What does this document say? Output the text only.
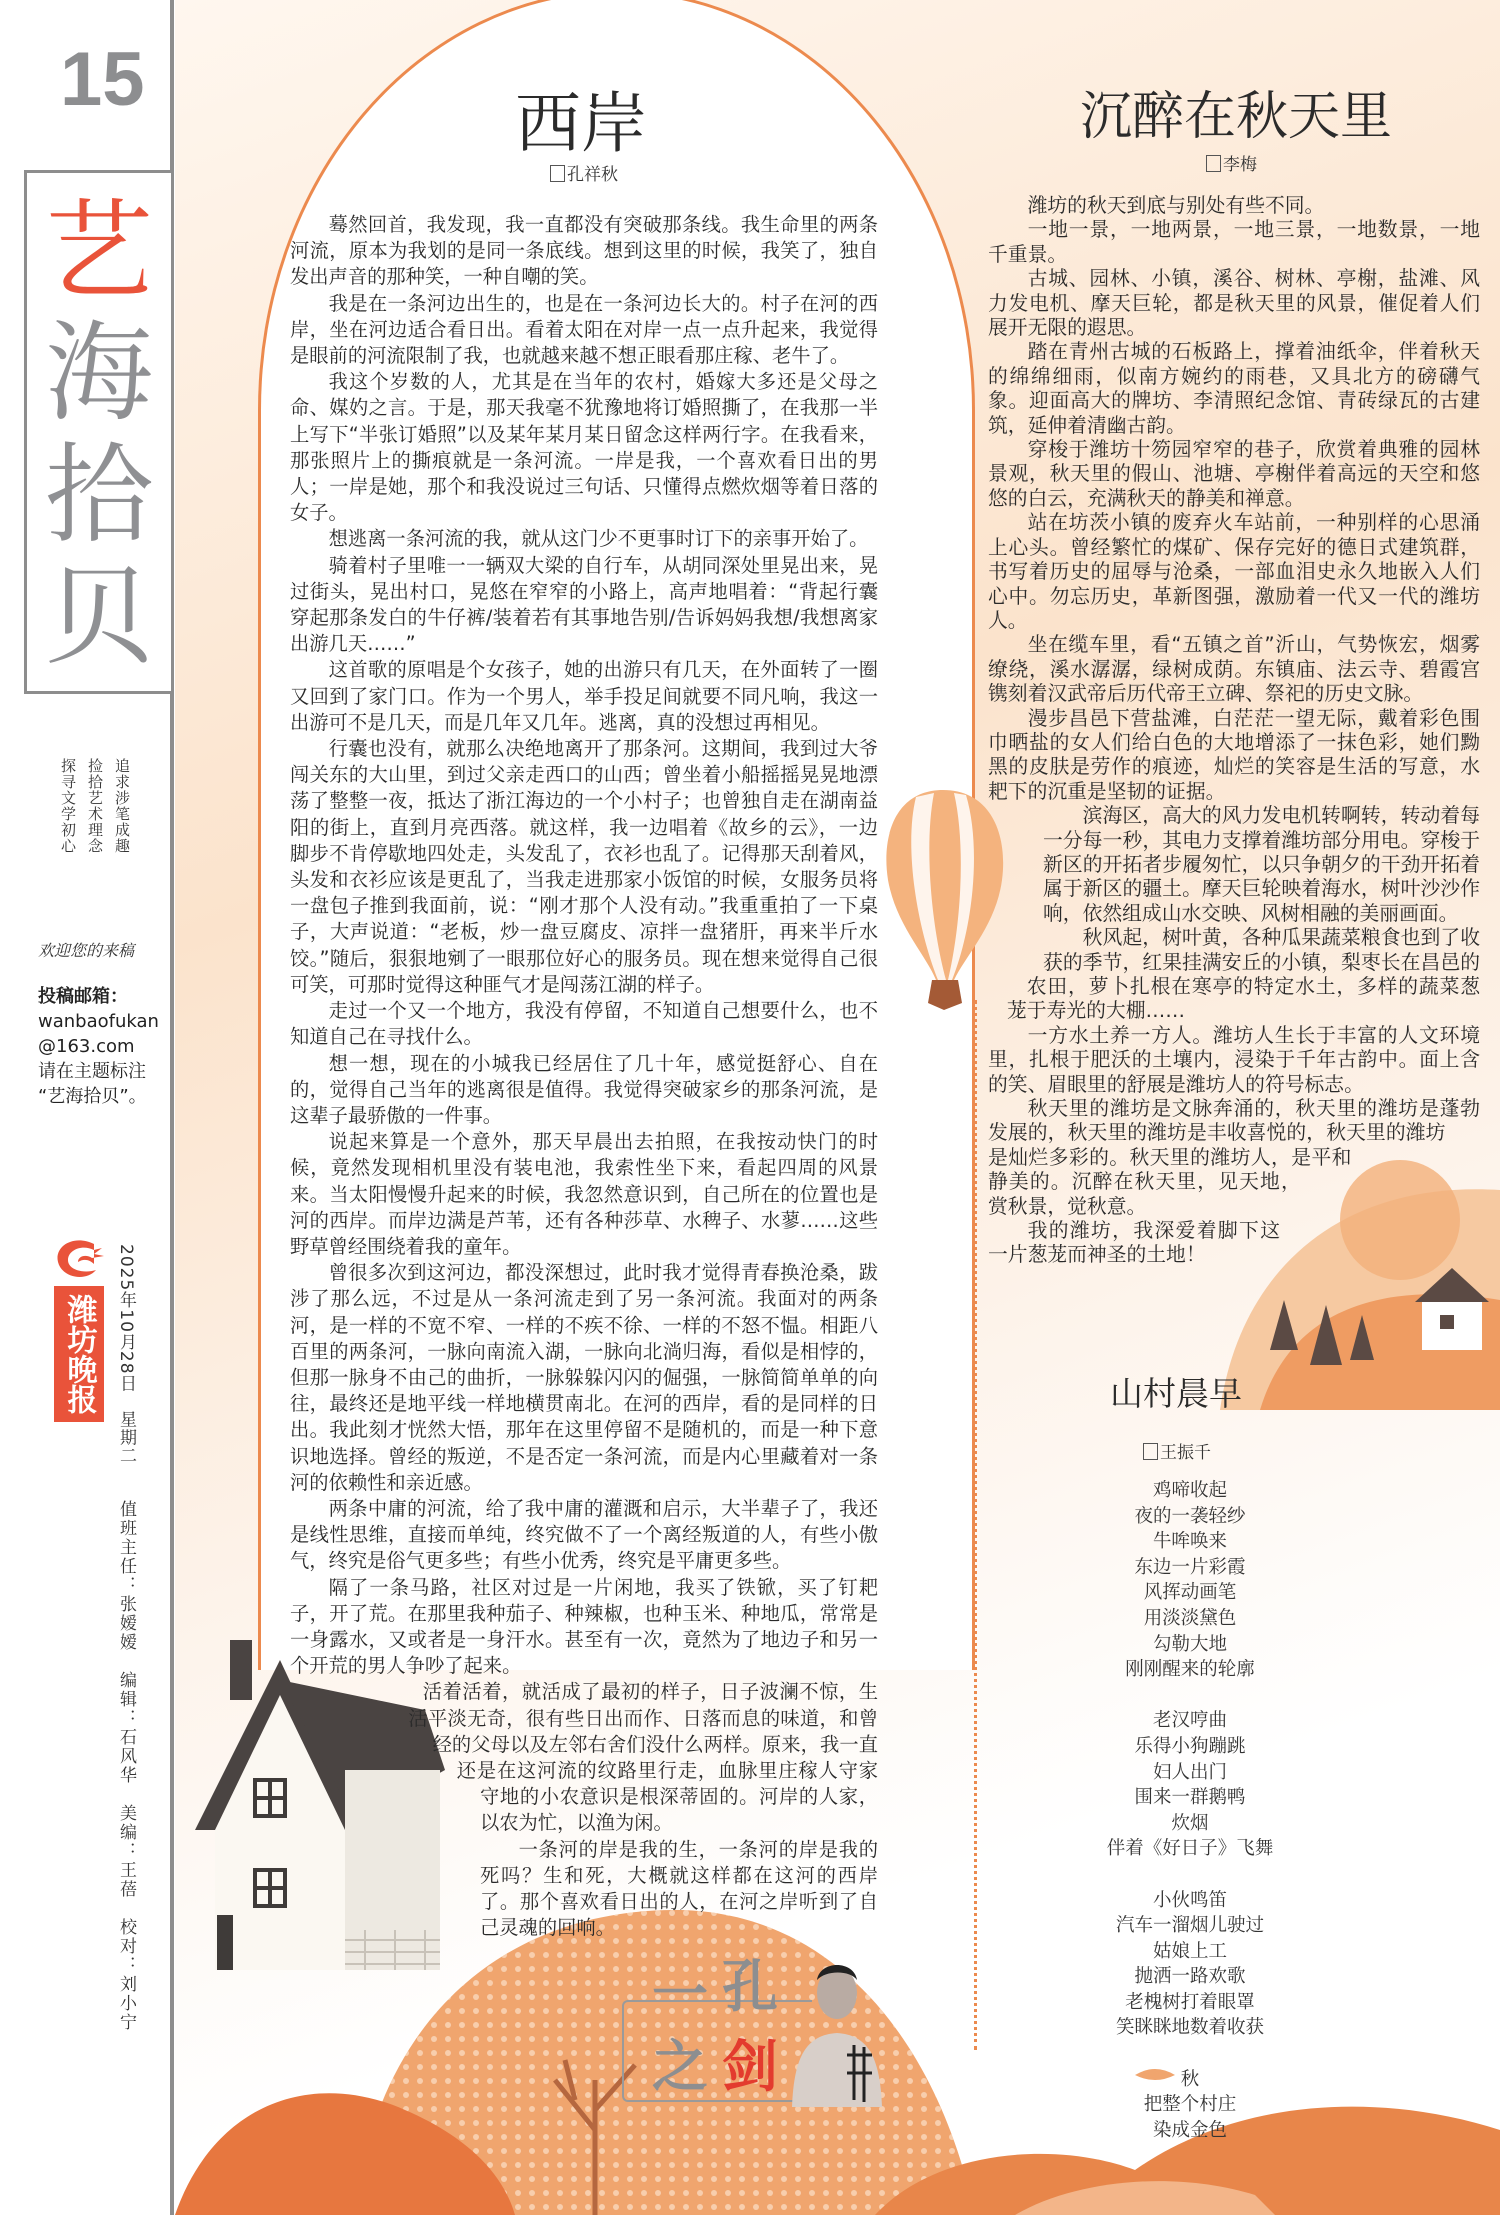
15
艺
海
拾
贝
追求涉笔成趣
捡拾艺术理念
探寻文学初心
欢迎您的来稿
投稿邮箱：
wanbaofukan
@163.com
请在主题标注
“艺海拾贝”。
潍坊晚报	2025年10月28日　星期二
值班主任：张嫒嫒　编辑：石风华　美编：王蓓　校对：刘小宁
西岸
孔祥秋

蓦然回首，我发现，我一直都没有突破那条线。我生命里的两条河流，原本为我划的是同一条底线。想到这里的时候，我笑了，独自发出声音的那种笑，一种自嘲的笑。

我是在一条河边出生的，也是在一条河边长大的。村子在河的西岸，坐在河边适合看日出。看着太阳在对岸一点一点升起来，我觉得是眼前的河流限制了我，也就越来越不想正眼看那庄稼、老牛了。

我这个岁数的人，尤其是在当年的农村，婚嫁大多还是父母之命、媒妁之言。于是，那天我毫不犹豫地将订婚照撕了，在我那一半上写下“半张订婚照”以及某年某月某日留念这样两行字。在我看来，那张照片上的撕痕就是一条河流。一岸是我，一个喜欢看日出的男人；一岸是她，那个和我没说过三句话、只懂得点燃炊烟等着日落的女子。

想逃离一条河流的我，就从这门少不更事时订下的亲事开始了。

骑着村子里唯一一辆双大梁的自行车，从胡同深处里晃出来，晃过街头，晃出村口，晃悠在窄窄的小路上，高声地唱着：“背起行囊穿起那条发白的牛仔裤/装着若有其事地告别/告诉妈妈我想/我想离家出游几天……”

这首歌的原唱是个女孩子，她的出游只有几天，在外面转了一圈又回到了家门口。作为一个男人，举手投足间就要不同凡响，我这一出游可不是几天，而是几年又几年。逃离，真的没想过再相见。

行囊也没有，就那么决绝地离开了那条河。这期间，我到过大爷闯关东的大山里，到过父亲走西口的山西；曾坐着小船摇摇晃晃地漂荡了整整一夜，抵达了浙江海边的一个小村子；也曾独自走在湖南益阳的街上，直到月亮西落。就这样，我一边唱着《故乡的云》，一边脚步不肯停歇地四处走，头发乱了，衣衫也乱了。记得那天刮着风，头发和衣衫应该是更乱了，当我走进那家小饭馆的时候，女服务员将一盘包子推到我面前，说：“刚才那个人没有动。”我重重拍了一下桌子，大声说道：“老板，炒一盘豆腐皮、凉拌一盘猪肝，再来半斤水饺。”随后，狠狠地剜了一眼那位好心的服务员。现在想来觉得自己很可笑，可那时觉得这种匪气才是闯荡江湖的样子。

走过一个又一个地方，我没有停留，不知道自己想要什么，也不知道自己在寻找什么。

想一想，现在的小城我已经居住了几十年，感觉挺舒心、自在的，觉得自己当年的逃离很是值得。我觉得突破家乡的那条河流，是这辈子最骄傲的一件事。

说起来算是一个意外，那天早晨出去拍照，在我按动快门的时候，竟然发现相机里没有装电池，我索性坐下来，看起四周的风景来。当太阳慢慢升起来的时候，我忽然意识到，自己所在的位置也是河的西岸。而岸边满是芦苇，还有各种莎草、水稗子、水蓼……这些野草曾经围绕着我的童年。

曾很多次到这河边，都没深想过，此时我才觉得青春换沧桑，跋涉了那么远，不过是从一条河流走到了另一条河流。我面对的两条河，是一样的不宽不窄、一样的不疾不徐、一样的不怒不愠。相距八百里的两条河，一脉向南流入湖，一脉向北淌归海，看似是相悖的，但那一脉身不由己的曲折，一脉躲躲闪闪的倔强，一脉简简单单的向往，最终还是地平线一样地横贯南北。在河的西岸，看的是同样的日出。我此刻才恍然大悟，那年在这里停留不是随机的，而是一种下意识地选择。曾经的叛逆，不是否定一条河流，而是内心里藏着对一条河的依赖性和亲近感。

两条中庸的河流，给了我中庸的灌溉和启示，大半辈子了，我还是线性思维，直接而单纯，终究做不了一个离经叛道的人，有些小傲气，终究是俗气更多些；有些小优秀，终究是平庸更多些。

隔了一条马路，社区对过是一片闲地，我买了铁锨，买了钉耙子，开了荒。在那里我种茄子、种辣椒，也种玉米、种地瓜，常常是一身露水，又或者是一身汗水。甚至有一次，竟然为了地边子和另一个开荒的男人争吵了起来。

活着活着，就活成了最初的样子，日子波澜不惊，生活平淡无奇，很有些日出而作、日落而息的味道，和曾经的父母以及左邻右舍们没什么两样。原来，我一直还是在这河流的纹路里行走，血脉里庄稼人守家守地的小农意识是根深蒂固的。河岸的人家，以农为忙，以渔为闲。

一条河的岸是我的生，一条河的岸是我的死吗？生和死，大概就这样都在这河的西岸了。那个喜欢看日出的人，在河之岸听到了自己灵魂的回响。

一 孔
之 剑
沉醉在秋天里
李梅

潍坊的秋天到底与别处有些不同。

一地一景，一地两景，一地三景，一地数景，一地千重景。

古城、园林、小镇，溪谷、树林、亭榭，盐滩、风力发电机、摩天巨轮，都是秋天里的风景，催促着人们展开无限的遐思。

踏在青州古城的石板路上，撑着油纸伞，伴着秋天的绵绵细雨，似南方婉约的雨巷，又具北方的磅礴气象。迎面高大的牌坊、李清照纪念馆、青砖绿瓦的古建筑，延伸着清幽古韵。

穿梭于潍坊十笏园窄窄的巷子，欣赏着典雅的园林景观，秋天里的假山、池塘、亭榭伴着高远的天空和悠悠的白云，充满秋天的静美和禅意。

站在坊茨小镇的废弃火车站前，一种别样的心思涌上心头。曾经繁忙的煤矿、保存完好的德日式建筑群，书写着历史的屈辱与沧桑，一部血泪史永久地嵌入人们心中。勿忘历史，革新图强，激励着一代又一代的潍坊人。

坐在缆车里，看“五镇之首”沂山，气势恢宏，烟雾缭绕，溪水潺潺，绿树成荫。东镇庙、法云寺、碧霞宫镌刻着汉武帝后历代帝王立碑、祭祀的历史文脉。

漫步昌邑下营盐滩，白茫茫一望无际，戴着彩色围巾晒盐的女人们给白色的大地增添了一抹色彩，她们黝黑的皮肤是劳作的痕迹，灿烂的笑容是生活的写意，水耙下的沉重是坚韧的证据。

滨海区，高大的风力发电机转啊转，转动着每一分每一秒，其电力支撑着潍坊部分用电。穿梭于新区的开拓者步履匆忙，以只争朝夕的干劲开拓着属于新区的疆土。摩天巨轮映着海水，树叶沙沙作响，依然组成山水交映、风树相融的美丽画面。

秋风起，树叶黄，各种瓜果蔬菜粮食也到了收获的季节，红果挂满安丘的小镇，梨枣长在昌邑的农田，萝卜扎根在寒亭的特定水土，多样的蔬菜葱茏于寿光的大棚……

一方水土养一方人。潍坊人生长于丰富的人文环境里，扎根于肥沃的土壤内，浸染于千年古韵中。面上含的笑、眉眼里的舒展是潍坊人的符号标志。

秋天里的潍坊是文脉奔涌的，秋天里的潍坊是蓬勃发展的，秋天里的潍坊是丰收喜悦的，秋天里的潍坊是灿烂多彩的。秋天里的潍坊人，是平和静美的。沉醉在秋天里，见天地，赏秋景，觉秋意。

我的潍坊，我深爱着脚下这一片葱茏而神圣的土地！

山村晨早
王振千
鸡啼收起
夜的一袭轻纱
牛哞唤来
东边一片彩霞
风挥动画笔
用淡淡黛色
勾勒大地
刚刚醒来的轮廓
老汉哼曲
乐得小狗蹦跳
妇人出门
围来一群鹅鸭
炊烟
伴着《好日子》飞舞
小伙鸣笛
汽车一溜烟儿驶过
姑娘上工
抛洒一路欢歌
老槐树打着眼罩
笑眯眯地数着收获
秋
把整个村庄
染成金色
